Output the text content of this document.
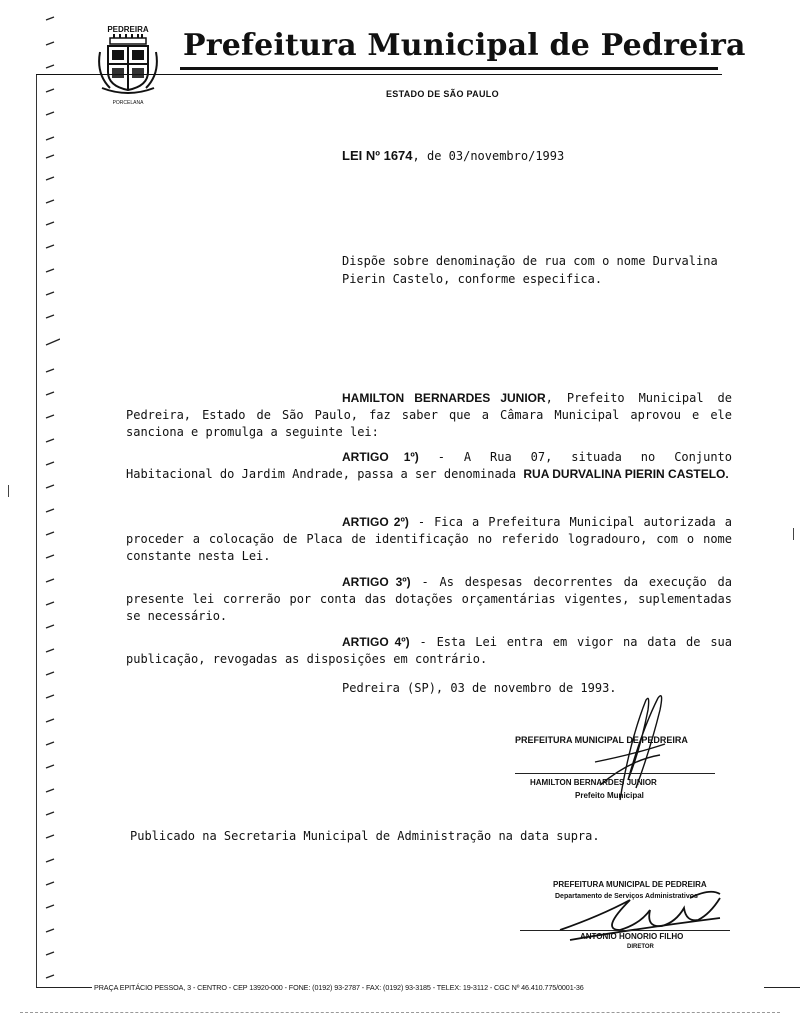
PEDREIRA
PORCELANA
Prefeitura Municipal de Pedreira
ESTADO DE SÃO PAULO
LEI Nº 1674, de 03/novembro/1993
Dispõe sobre denominação de rua com o nome Durvalina Pierin Castelo, conforme especifica.
HAMILTON BERNARDES JUNIOR, Prefeito Municipal de Pedreira, Estado de São Paulo, faz saber que a Câmara Municipal aprovou e ele sanciona e promulga a seguinte lei:
ARTIGO 1º) - A Rua 07, situada no Conjunto Habitacional do Jardim Andrade, passa a ser denominada RUA DURVALINA PIERIN CASTELO.
ARTIGO 2º) - Fica a Prefeitura Municipal autorizada a proceder a colocação de Placa de identificação no referido logradouro, com o nome constante nesta Lei.
ARTIGO 3º) - As despesas decorrentes da execução da presente lei correrão por conta das dotações orçamentárias vigentes, suplementadas se necessário.
ARTIGO 4º) - Esta Lei entra em vigor na data de sua publicação, revogadas as disposições em contrário.
Pedreira (SP), 03 de novembro de 1993.
PREFEITURA MUNICIPAL DE PEDREIRA
HAMILTON BERNARDES JUNIOR
Prefeito Municipal
Publicado na Secretaria Municipal de Administração na data supra.
PREFEITURA MUNICIPAL DE PEDREIRA
Departamento de Serviços Administrativos
ANTONIO HONORIO FILHO
DIRETOR
PRAÇA EPITÁCIO PESSOA, 3 - CENTRO - CEP 13920-000 - FONE: (0192) 93-2787 - FAX: (0192) 93-3185 - TELEX: 19-3112 - CGC Nº 46.410.775/0001-36
